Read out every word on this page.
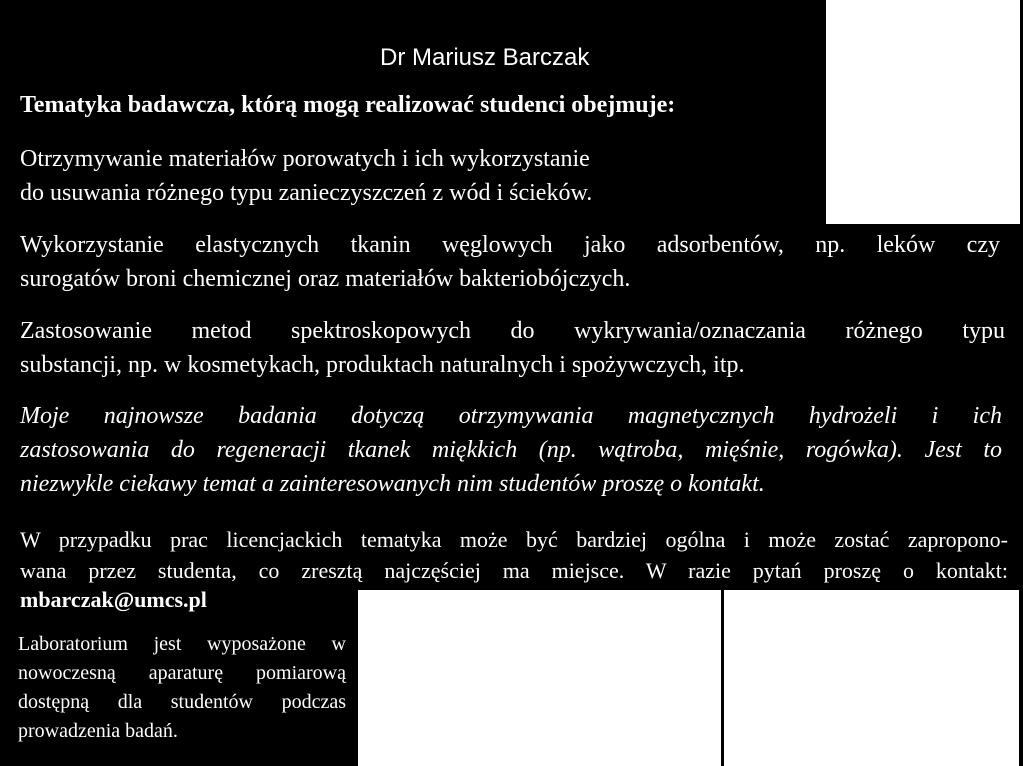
Dr Mariusz Barczak
Tematyka badawcza, którą mogą realizować studenci obejmuje:
Otrzymywanie materiałów porowatych i ich wykorzystanie
do usuwania różnego typu zanieczyszczeń z wód i ścieków.
Wykorzystanie elastycznych tkanin węglowych jako adsorbentów, np. leków czy
surogatów broni chemicznej oraz materiałów bakteriobójczych.
Zastosowanie metod spektroskopowych do wykrywania/oznaczania różnego typu
substancji, np. w kosmetykach, produktach naturalnych i spożywczych, itp.
Moje najnowsze badania dotyczą otrzymywania magnetycznych hydrożeli i ich
zastosowania do regeneracji tkanek miękkich (np. wątroba, mięśnie, rogówka). Jest to
niezwykle ciekawy temat a zainteresowanych nim studentów proszę o kontakt.
W przypadku prac licencjackich tematyka może być bardziej ogólna i może zostać zapropono-
wana przez studenta, co zresztą najczęściej ma miejsce. W razie pytań proszę o kontakt:
mbarczak@umcs.pl
Laboratorium jest wyposażone w
nowoczesną aparaturę pomiarową
dostępną dla studentów podczas
prowadzenia badań.
